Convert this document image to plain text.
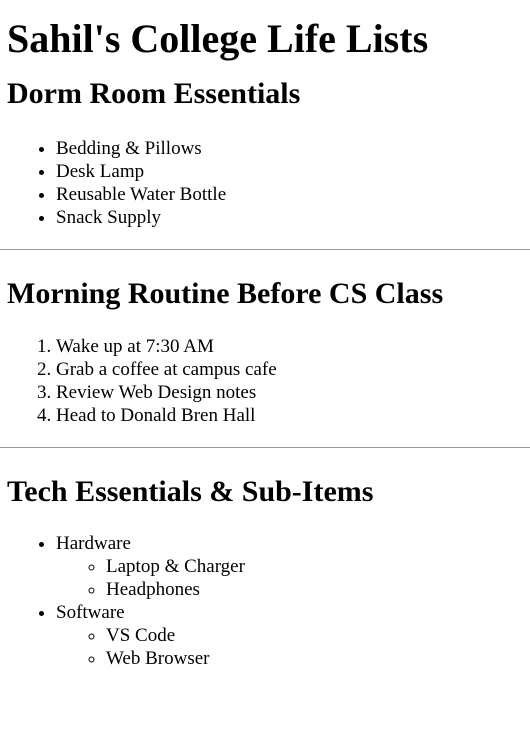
Sahil's College Life Lists
Dorm Room Essentials
• Bedding & Pillows
• Desk Lamp
• Reusable Water Bottle
• Snack Supply
Morning Routine Before CS Class
1. Wake up at 7:30 AM
2. Grab a coffee at campus cafe
3. Review Web Design notes
4. Head to Donald Bren Hall
Tech Essentials & Sub-Items
• Hardware
◦ Laptop & Charger
◦ Headphones
• Software
◦ VS Code
◦ Web Browser
